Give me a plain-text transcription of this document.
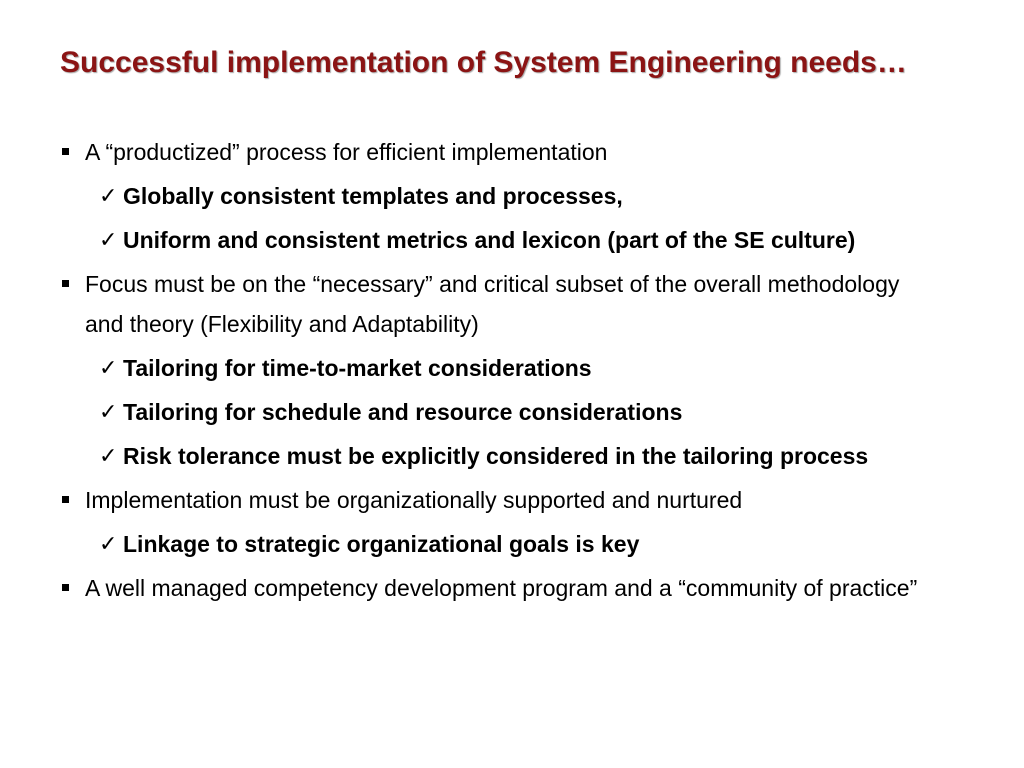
Successful implementation of System Engineering needs…
A “productized” process for efficient implementation
✓ Globally consistent templates and processes,
✓ Uniform and consistent metrics and lexicon (part of the SE culture)
Focus must be on the “necessary” and critical subset of the overall methodology and theory (Flexibility and Adaptability)
✓ Tailoring for time-to-market considerations
✓ Tailoring for schedule and resource considerations
✓ Risk tolerance must be explicitly considered in the tailoring process
Implementation must be organizationally supported and nurtured
✓ Linkage to strategic organizational goals is key
A well managed competency development program and a “community of practice”
